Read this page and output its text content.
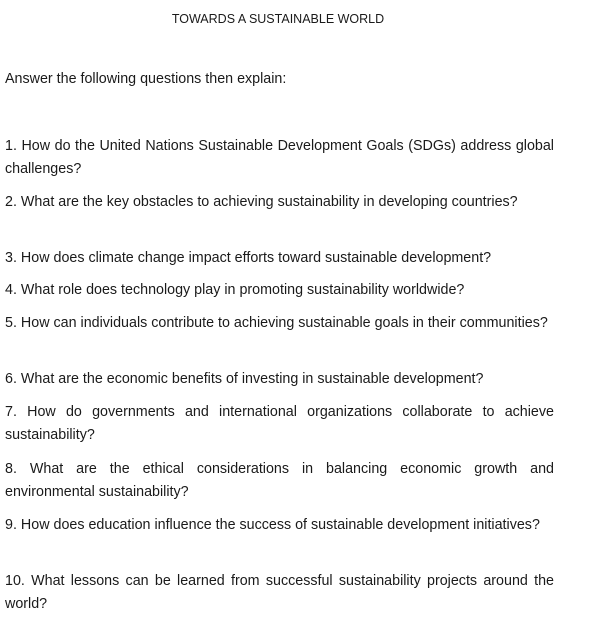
TOWARDS A SUSTAINABLE WORLD
Answer the following questions then explain:
1. How do the United Nations Sustainable Development Goals (SDGs) address global challenges?
2. What are the key obstacles to achieving sustainability in developing countries?
3. How does climate change impact efforts toward sustainable development?
4. What role does technology play in promoting sustainability worldwide?
5. How can individuals contribute to achieving sustainable goals in their communities?
6. What are the economic benefits of investing in sustainable development?
7. How do governments and international organizations collaborate to achieve sustainability?
8. What are the ethical considerations in balancing economic growth and environmental sustainability?
9. How does education influence the success of sustainable development initiatives?
10. What lessons can be learned from successful sustainability projects around the world?
